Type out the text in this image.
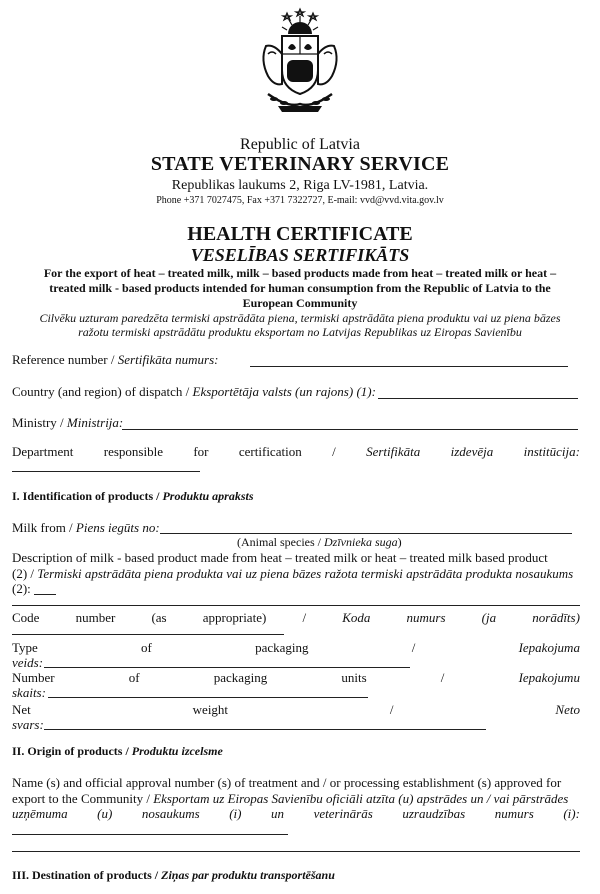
Republic of Latvia
STATE VETERINARY SERVICE
Republikas laukums 2, Riga LV-1981, Latvia.
Phone +371 7027475, Fax +371 7322727, E-mail: vvd@vvd.vita.gov.lv
HEALTH CERTIFICATE
VESELĪBAS SERTIFIKĀTS
For the export of heat – treated milk, milk – based products made from heat – treated milk or heat –
treated milk - based products intended for human consumption from the Republic of Latvia to the
European Community
Cilvēku uzturam paredzēta termiski apstrādāta piena, termiski apstrādāta piena produktu vai uz piena bāzes
ražotu termiski apstrādātu produktu eksportam no Latvijas Republikas uz Eiropas Savienību
Reference number / Sertifikāta numurs:
Country (and region) of dispatch / Eksportētāja valsts (un rajons) (1):
Ministry / Ministrija:
Department responsible for certification / Sertifikāta izdevēja institūcija:
I. Identification of products / Produktu apraksts
Milk from / Piens iegūts no:
(Animal species / Dzīvnieka suga)
Description of milk - based product made from heat – treated milk or heat – treated milk based product
(2) / Termiski apstrādāta piena produkta vai uz piena bāzes ražota termiski apstrādāta produkta nosaukums
(2):
Code	number	(as	appropriate)	/	Koda	numurs	(ja	norādīts)
Type	of	packaging	/	Iepakojuma
veids:
Number	of	packaging	units	/	Iepakojumu
skaits:
Net	weight	/	Neto
svars:
II. Origin of products / Produktu izcelsme
Name (s) and official approval number (s) of treatment and / or processing establishment (s) approved for
export to the Community / Eksportam uz Eiropas Savienību oficiāli atzīta (u) apstrādes un / vai pārstrādes
uzņēmuma (u) nosaukums (i) un veterinārās uzraudzības numurs (i):
III. Destination of products / Ziņas par produktu transportēšanu
